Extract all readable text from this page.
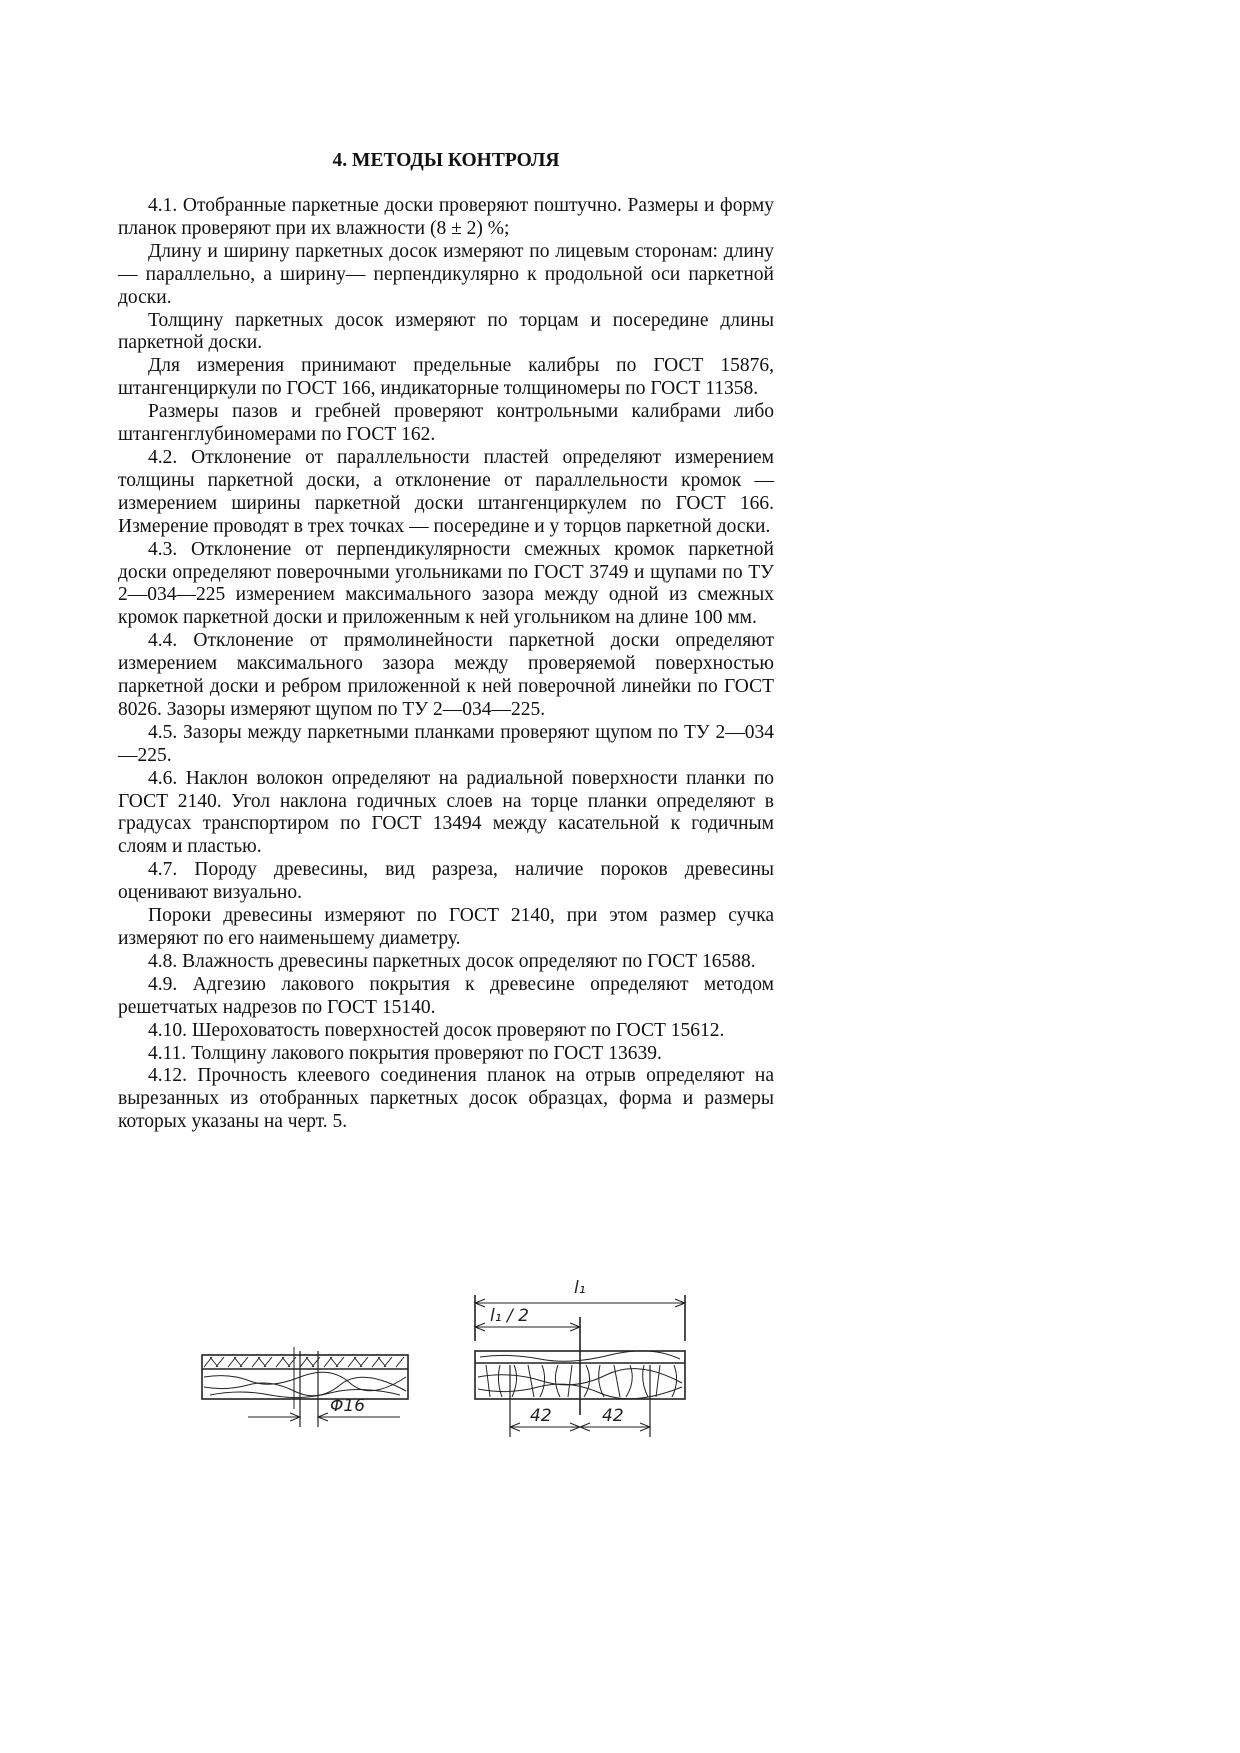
4. МЕТОДЫ КОНТРОЛЯ

4.1. Отобранные паркетные доски проверяют поштучно. Размеры и форму планок проверяют при их влажности (8 ± 2) %;

Длину и ширину паркетных досок измеряют по лицевым сторонам: длину — параллельно, а ширину— перпендикулярно к продольной оси паркетной доски.

Толщину паркетных досок измеряют по торцам и посередине длины паркетной доски.

Для измерения принимают предельные калибры по ГОСТ 15876, штангенциркули по ГОСТ 166, индикаторные толщиномеры по ГОСТ 11358.

Размеры пазов и гребней проверяют контрольными калибрами либо штангенглубиномерами по ГОСТ 162.

4.2. Отклонение от параллельности пластей определяют измерением толщины паркетной доски, а отклонение от параллельности кромок — измерением ширины паркетной доски штангенциркулем по ГОСТ 166. Измерение проводят в трех точках — посередине и у торцов паркетной доски.

4.3. Отклонение от перпендикулярности смежных кромок паркетной доски определяют поверочными угольниками по ГОСТ 3749 и щупами по ТУ 2—034—225 измерением максимального зазора между одной из смежных кромок паркетной доски и приложенным к ней угольником на длине 100 мм.

4.4. Отклонение от прямолинейности паркетной доски определяют измерением максимального зазора между проверяемой поверхностью паркетной доски и ребром приложенной к ней поверочной линейки по ГОСТ 8026. Зазоры измеряют щупом по ТУ 2—034—225.

4.5. Зазоры между паркетными планками проверяют щупом по ТУ 2—034—225.

4.6. Наклон волокон определяют на радиальной поверхности планки по ГОСТ 2140. Угол наклона годичных слоев на торце планки определяют в градусах транспортиром по ГОСТ 13494 между касательной к годичным слоям и пластью.

4.7. Породу древесины, вид разреза, наличие пороков древесины оценивают визуально.

Пороки древесины измеряют по ГОСТ 2140, при этом размер сучка измеряют по его наименьшему диаметру.

4.8. Влажность древесины паркетных досок определяют по ГОСТ 16588.

4.9. Адгезию лакового покрытия к древесине определяют методом решетчатых надрезов по ГОСТ 15140.

4.10. Шероховатость поверхностей досок проверяют по ГОСТ 15612.

4.11. Толщину лакового покрытия проверяют по ГОСТ 13639.

4.12. Прочность клеевого соединения планок на отрыв определяют на вырезанных из отобранных паркетных досок образцах, форма и размеры которых указаны на черт. 5.

Φ16
l₁
l₁ / 2
42	42
